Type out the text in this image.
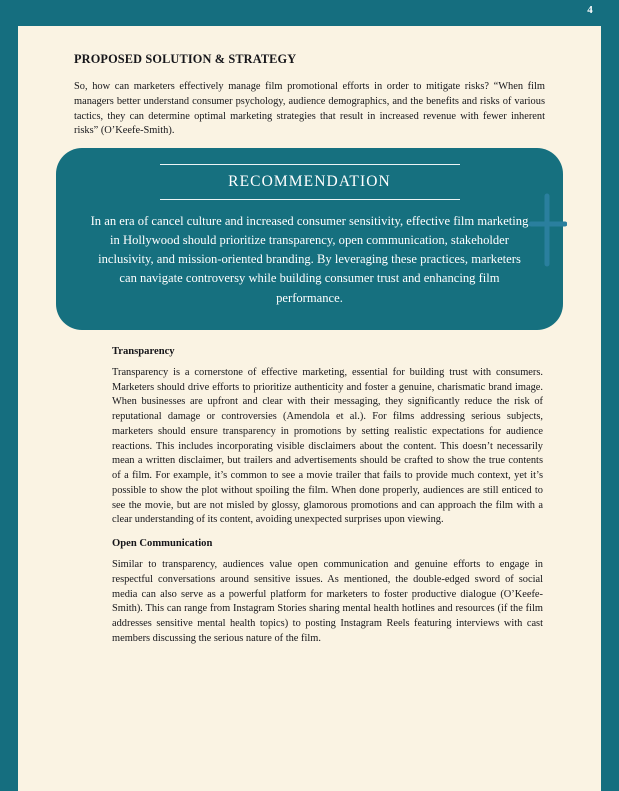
4
PROPOSED SOLUTION & STRATEGY

So, how can marketers effectively manage film promotional efforts in order to mitigate risks? “When film managers better understand consumer psychology, audience demographics, and the benefits and risks of various tactics, they can determine optimal marketing strategies that result in increased revenue with fewer inherent risks” (O’Keefe-Smith).

RECOMMENDATION

In an era of cancel culture and increased consumer sensitivity, effective film marketing in Hollywood should prioritize transparency, open communication, stakeholder inclusivity, and mission-oriented branding. By leveraging these practices, marketers can navigate controversy while building consumer trust and enhancing film performance.

Transparency

Transparency is a cornerstone of effective marketing, essential for building trust with consumers. Marketers should drive efforts to prioritize authenticity and foster a genuine, charismatic brand image. When businesses are upfront and clear with their messaging, they significantly reduce the risk of reputational damage or controversies (Amendola et al.). For films addressing serious subjects, marketers should ensure transparency in promotions by setting realistic expectations for audience reactions. This includes incorporating visible disclaimers about the content. This doesn’t necessarily mean a written disclaimer, but trailers and advertisements should be crafted to show the true contents of a film. For example, it’s common to see a movie trailer that fails to provide much context, yet it’s possible to show the plot without spoiling the film. When done properly, audiences are still enticed to see the movie, but are not misled by glossy, glamorous promotions and can approach the film with a clear understanding of its content, avoiding unexpected surprises upon viewing.

Open Communication

Similar to transparency, audiences value open communication and genuine efforts to engage in respectful conversations around sensitive issues. As mentioned, the double-edged sword of social media can also serve as a powerful platform for marketers to foster productive dialogue (O’Keefe-Smith). This can range from Instagram Stories sharing mental health hotlines and resources (if the film addresses sensitive mental health topics) to posting Instagram Reels featuring interviews with cast members discussing the serious nature of the film.
